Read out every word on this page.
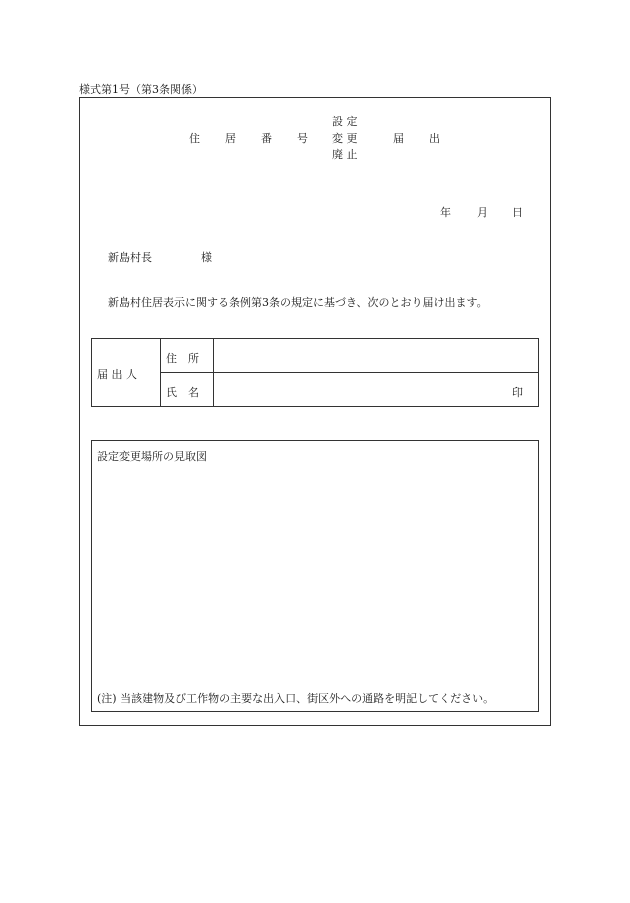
様式第1号（第3条関係）
住 居 番 号
設 定
変 更
廃 止
届 出
年 月 日
新島村長	様
新島村住居表示に関する条例第3条の規定に基づき、次のとおり届け出ます。
届 出 人
住　所
氏　名	印
設定変更場所の見取図
(注) 当該建物及び工作物の主要な出入口、街区外への通路を明記してください。
